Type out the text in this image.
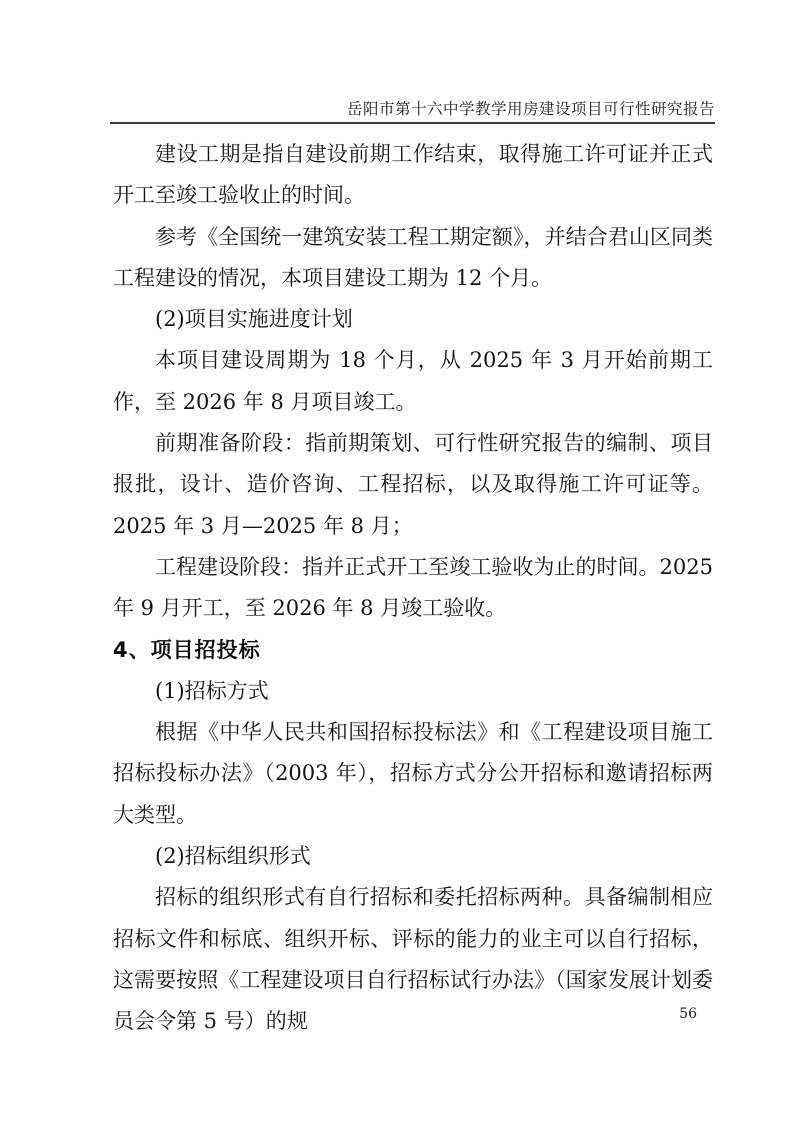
岳阳市第十六中学教学用房建设项目可行性研究报告

建设工期是指自建设前期工作结束，取得施工许可证并正式开工至竣工验收止的时间。

参考《全国统一建筑安装工程工期定额》，并结合君山区同类工程建设的情况，本项目建设工期为 12 个月。

(2)项目实施进度计划

本项目建设周期为 18 个月，从 2025 年 3 月开始前期工作，至 2026 年 8 月项目竣工。

前期准备阶段：指前期策划、可行性研究报告的编制、项目报批，设计、造价咨询、工程招标，以及取得施工许可证等。2025 年 3 月—2025 年 8 月；

工程建设阶段：指并正式开工至竣工验收为止的时间。2025 年 9 月开工，至 2026 年 8 月竣工验收。

4、项目招投标

(1)招标方式

根据《中华人民共和国招标投标法》和《工程建设项目施工招标投标办法》（2003 年），招标方式分公开招标和邀请招标两大类型。

(2)招标组织形式

招标的组织形式有自行招标和委托招标两种。具备编制相应招标文件和标底、组织开标、评标的能力的业主可以自行招标，这需要按照《工程建设项目自行招标试行办法》（国家发展计划委员会令第 5 号）的规	56
